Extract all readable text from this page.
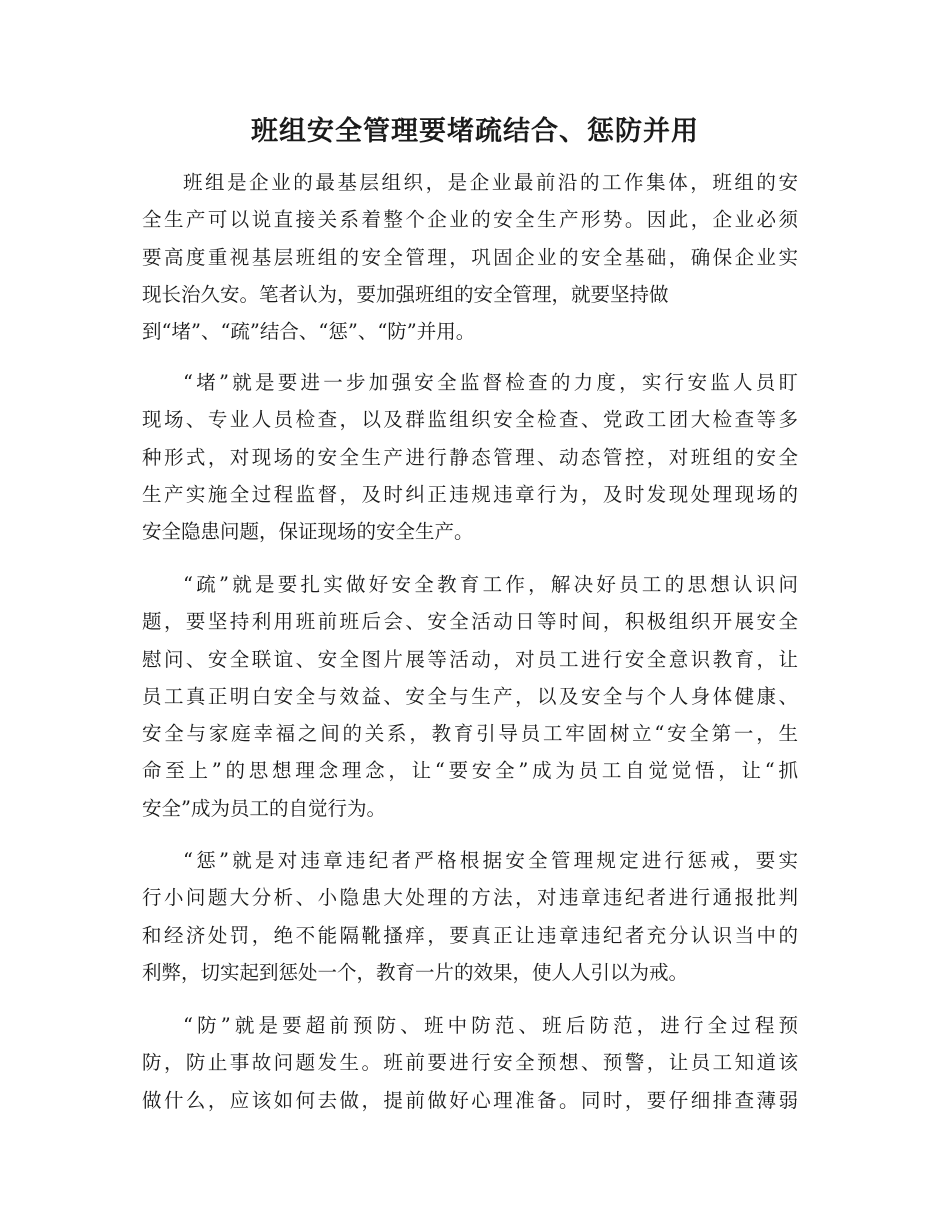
班组安全管理要堵疏结合、惩防并用

班组是企业的最基层组织，是企业最前沿的工作集体，班组的安
全生产可以说直接关系着整个企业的安全生产形势。因此，企业必须
要高度重视基层班组的安全管理，巩固企业的安全基础，确保企业实
现长治久安。笔者认为，要加强班组的安全管理，就要坚持做
到“堵”、“疏”结合、“惩”、“防”并用。

“堵”就是要进一步加强安全监督检查的力度，实行安监人员盯
现场、专业人员检查，以及群监组织安全检查、党政工团大检查等多
种形式，对现场的安全生产进行静态管理、动态管控，对班组的安全
生产实施全过程监督，及时纠正违规违章行为，及时发现处理现场的
安全隐患问题，保证现场的安全生产。

“疏”就是要扎实做好安全教育工作，解决好员工的思想认识问
题，要坚持利用班前班后会、安全活动日等时间，积极组织开展安全
慰问、安全联谊、安全图片展等活动，对员工进行安全意识教育，让
员工真正明白安全与效益、安全与生产，以及安全与个人身体健康、
安全与家庭幸福之间的关系，教育引导员工牢固树立“安全第一，生
命至上”的思想理念理念，让“要安全”成为员工自觉觉悟，让“抓
安全”成为员工的自觉行为。

“惩”就是对违章违纪者严格根据安全管理规定进行惩戒，要实
行小问题大分析、小隐患大处理的方法，对违章违纪者进行通报批判
和经济处罚，绝不能隔靴搔痒，要真正让违章违纪者充分认识当中的
利弊，切实起到惩处一个，教育一片的效果，使人人引以为戒。

“防”就是要超前预防、班中防范、班后防范，进行全过程预
防，防止事故问题发生。班前要进行安全预想、预警，让员工知道该
做什么，应该如何去做，提前做好心理准备。同时，要仔细排查薄弱
